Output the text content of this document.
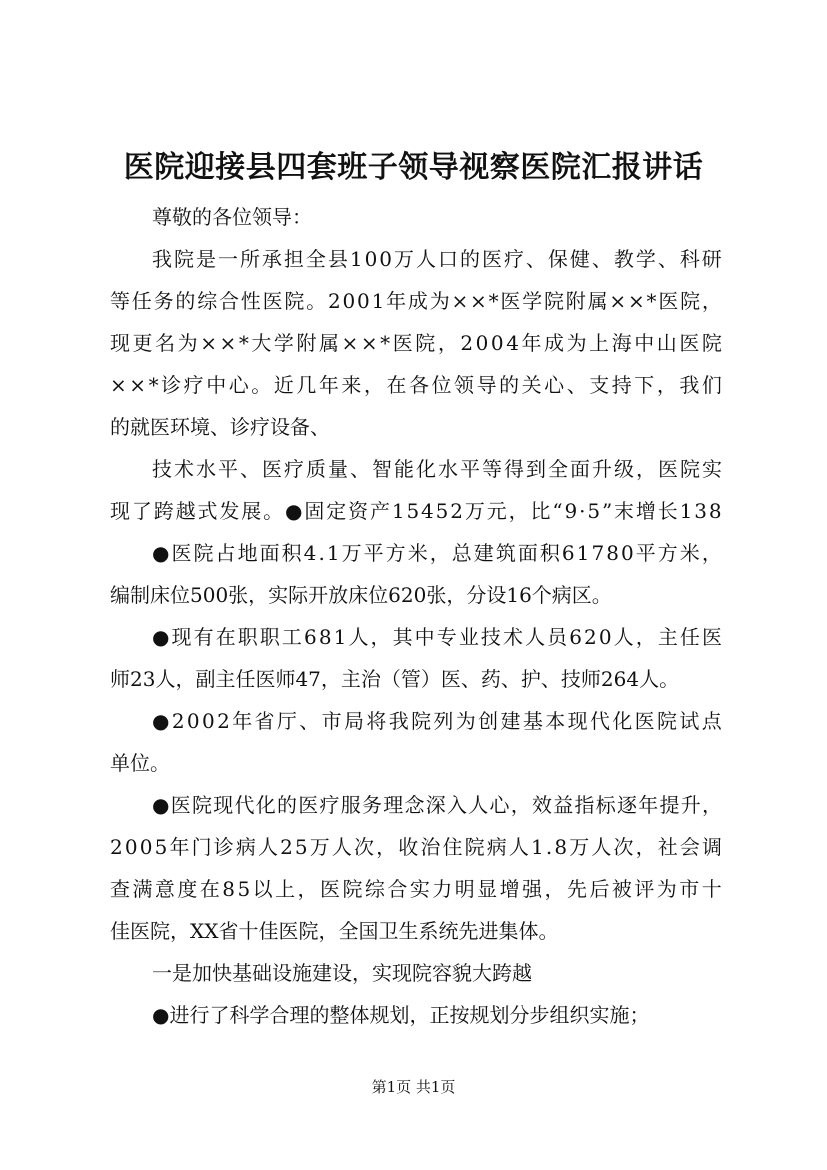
医院迎接县四套班子领导视察医院汇报讲话
尊敬的各位领导：
我 院 是 一 所 承 担 全 县 1 0 0 万 人 口 的 医 疗 、 保 健 、 教 学 、 科 研
等 任 务 的 综 合 性 医 院 。 2 0 0 1 年 成 为 × × * 医 学 院 附 属 × × * 医 院 ，
现 更 名 为 × × * 大 学 附 属 × × * 医 院 ， 2 0 0 4 年 成 为 上 海 中 山 医 院
× × * 诊 疗 中 心 。 近 几 年 来 ， 在 各 位 领 导 的 关 心 、 支 持 下 ， 我 们
的就医环境、诊疗设备、
技 术 水 平 、 医 疗 质 量 、 智 能 化 水 平 等 得 到 全 面 升 级 ， 医 院 实
现 了 跨 越 式 发 展 。 ● 固 定 资 产 1 5 4 5 2 万 元 ， 比 “ 9 · 5 ” 末 增 长 1 3 8
● 医 院 占 地 面 积 4 . 1 万 平 方 米 ， 总 建 筑 面 积 6 1 7 8 0 平 方 米 ，
编制床位500张，实际开放床位620张，分设16个病区。
● 现 有 在 职 职 工 6 8 1 人 ， 其 中 专 业 技 术 人 员 6 2 0 人 ， 主 任 医
师23人，副主任医师47，主治（管）医、药、护、技师264人。
● 2 0 0 2 年 省 厅 、 市 局 将 我 院 列 为 创 建 基 本 现 代 化 医 院 试 点
单位。
● 医 院 现 代 化 的 医 疗 服 务 理 念 深 入 人 心 ， 效 益 指 标 逐 年 提 升 ，
2 0 0 5 年 门 诊 病 人 2 5 万 人 次 ， 收 治 住 院 病 人 1 . 8 万 人 次 ， 社 会 调
查 满 意 度 在 8 5 以 上 ， 医 院 综 合 实 力 明 显 增 强 ， 先 后 被 评 为 市 十
佳医院，XX省十佳医院，全国卫生系统先进集体。
一是加快基础设施建设，实现院容貌大跨越
●进行了科学合理的整体规划，正按规划分步组织实施；
第1页 共1页
